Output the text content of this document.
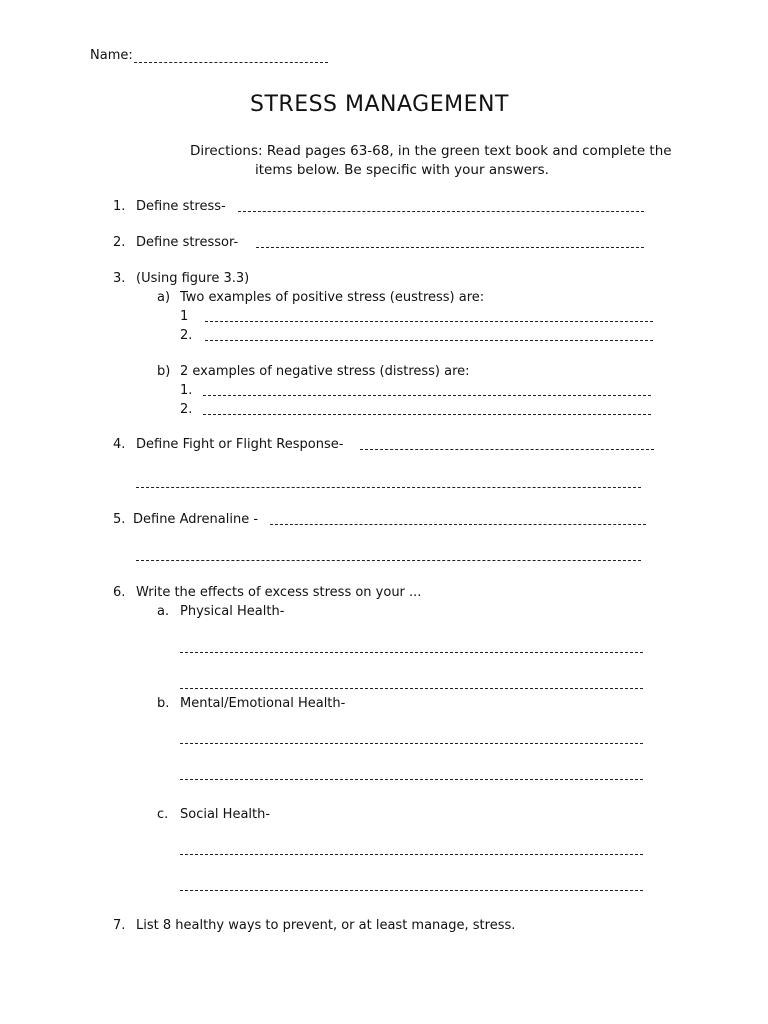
Name:
STRESS MANAGEMENT
Directions: Read pages 63-68, in the green text book and complete the
items below. Be specific with your answers.
1. Define stress-
2. Define stressor-
3. (Using figure 3.3)
a) Two examples of positive stress (eustress) are:
1
2.
b) 2 examples of negative stress (distress) are:
1.
2.
4. Define Fight or Flight Response-
5. Define Adrenaline -
6. Write the effects of excess stress on your ...
a. Physical Health-
b. Mental/Emotional Health-
c. Social Health-
7. List 8 healthy ways to prevent, or at least manage, stress.
